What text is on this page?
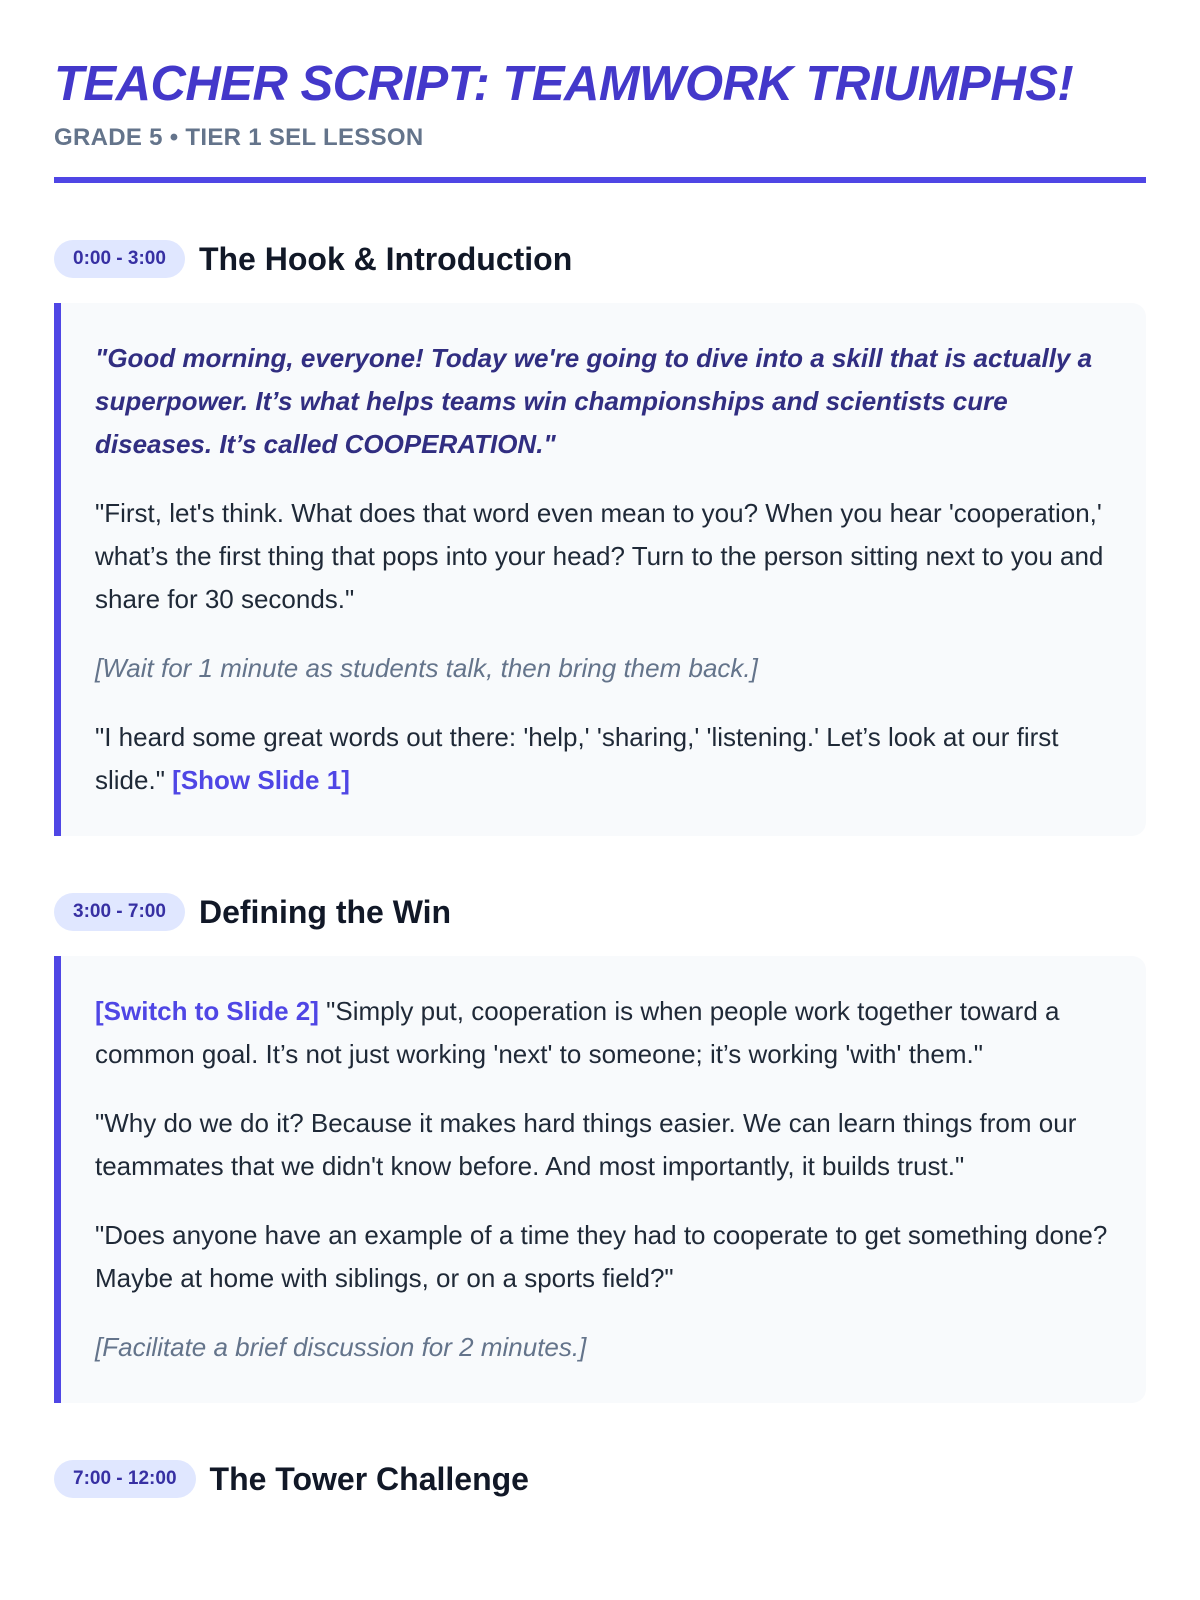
TEACHER SCRIPT: TEAMWORK TRIUMPHS!
GRADE 5 • TIER 1 SEL LESSON
0:00 - 3:00	The Hook & Introduction

"Good morning, everyone! Today we're going to dive into a skill that is actually a superpower. It’s what helps teams win championships and scientists cure diseases. It’s called COOPERATION."

"First, let's think. What does that word even mean to you? When you hear 'cooperation,' what’s the first thing that pops into your head? Turn to the person sitting next to you and share for 30 seconds."

[Wait for 1 minute as students talk, then bring them back.]

"I heard some great words out there: 'help,' 'sharing,' 'listening.' Let’s look at our first slide." [Show Slide 1]

3:00 - 7:00	Defining the Win

[Switch to Slide 2] "Simply put, cooperation is when people work together toward a common goal. It’s not just working 'next' to someone; it’s working 'with' them."

"Why do we do it? Because it makes hard things easier. We can learn things from our teammates that we didn't know before. And most importantly, it builds trust."

"Does anyone have an example of a time they had to cooperate to get something done? Maybe at home with siblings, or on a sports field?"

[Facilitate a brief discussion for 2 minutes.]

7:00 - 12:00	The Tower Challenge
